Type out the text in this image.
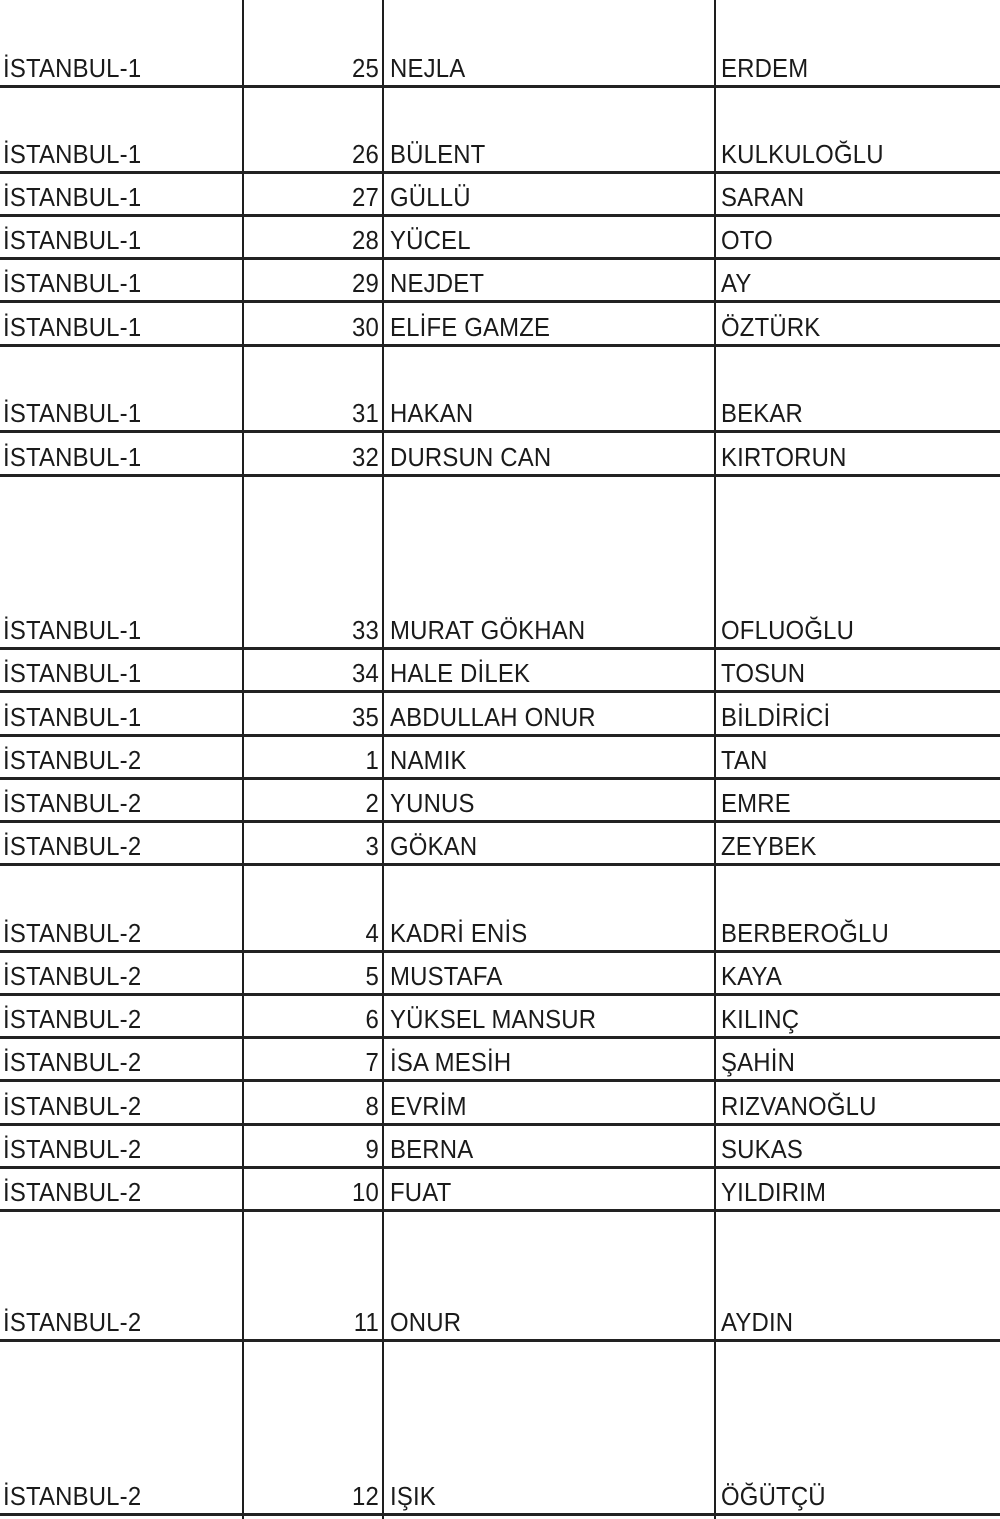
İSTANBUL-1	25 NEJLA	ERDEM
İSTANBUL-1	26 BÜLENT	KULKULOĞLU
İSTANBUL-1	27 GÜLLÜ	SARAN
İSTANBUL-1	28 YÜCEL	OTO
İSTANBUL-1	29 NEJDET	AY
İSTANBUL-1	30 ELİFE GAMZE	ÖZTÜRK
İSTANBUL-1	31 HAKAN	BEKAR
İSTANBUL-1	32 DURSUN CAN	KIRTORUN
İSTANBUL-1	33 MURAT GÖKHAN	OFLUOĞLU
İSTANBUL-1	34 HALE DİLEK	TOSUN
İSTANBUL-1	35 ABDULLAH ONUR	BİLDİRİCİ
İSTANBUL-2	1 NAMIK	TAN
İSTANBUL-2	2 YUNUS	EMRE
İSTANBUL-2	3 GÖKAN	ZEYBEK
İSTANBUL-2	4 KADRİ ENİS	BERBEROĞLU
İSTANBUL-2	5 MUSTAFA	KAYA
İSTANBUL-2	6 YÜKSEL MANSUR	KILINÇ
İSTANBUL-2	7 İSA MESİH	ŞAHİN
İSTANBUL-2	8 EVRİM	RIZVANOĞLU
İSTANBUL-2	9 BERNA	SUKAS
İSTANBUL-2	10 FUAT	YILDIRIM
İSTANBUL-2	11 ONUR	AYDIN
İSTANBUL-2	12 IŞIK	ÖĞÜTÇÜ
